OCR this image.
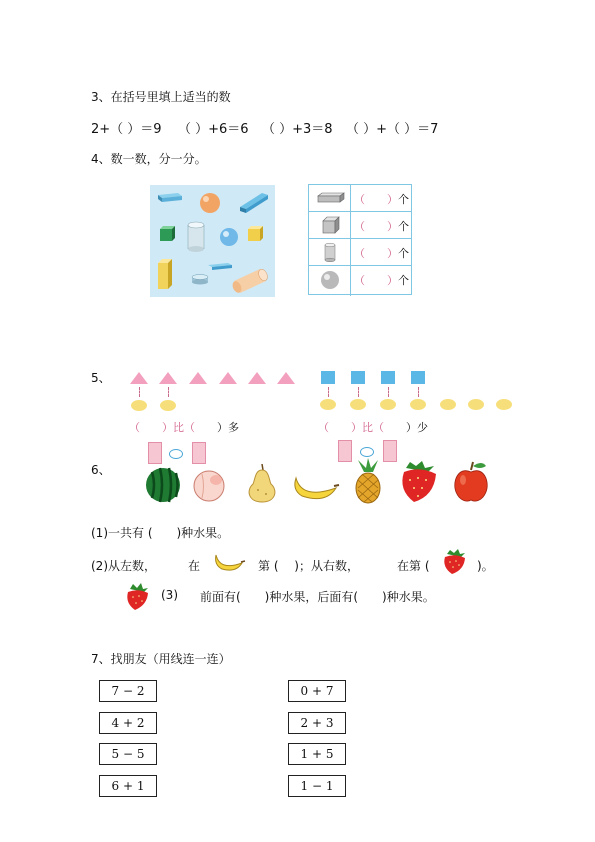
3、在括号里填上适当的数
2+（ ）＝9 （ ）+6＝6 （ ）+3＝8 （ ）+（ ）＝7
4、数一数，分一分。
（　　） 个
（　　） 个
（　　） 个
（　　） 个
5、
（ ）比（ ）多	（ ）比（ ）少
6、
(1)一共有 (　　)种水果。
(2)从左数，	在	第 (　 )；从右数，	在第 (	)。
(3) 前面有(　　)种水果，后面有(　　)种水果。
7、找朋友（用线连一连）
7 − 2
4 + 2
5 − 5
6 + 1
0 + 7
2 + 3
1 + 5
1 − 1
